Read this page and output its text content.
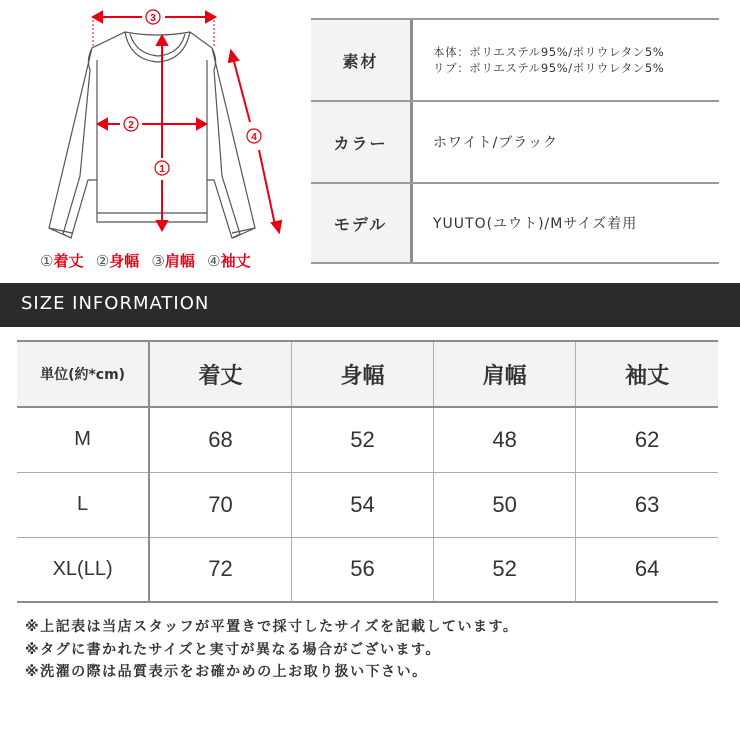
3
2
1
4
①着丈 ②身幅 ③肩幅 ④袖丈
素材	本体：ポリエステル95%/ポリウレタン5%
リブ：ポリエステル95%/ポリウレタン5%
カラー	ホワイト/ブラック
モデル	YUUTO(ユウト)/Mサイズ着用
SIZE INFORMATION
単位(約*cm)	着丈	身幅	肩幅	袖丈
M	68	52	48	62
L	70	54	50	63
XL(LL)	72	56	52	64
※上記表は当店スタッフが平置きで採寸したサイズを記載しています。
※タグに書かれたサイズと実寸が異なる場合がございます。
※洗濯の際は品質表示をお確かめの上お取り扱い下さい。
